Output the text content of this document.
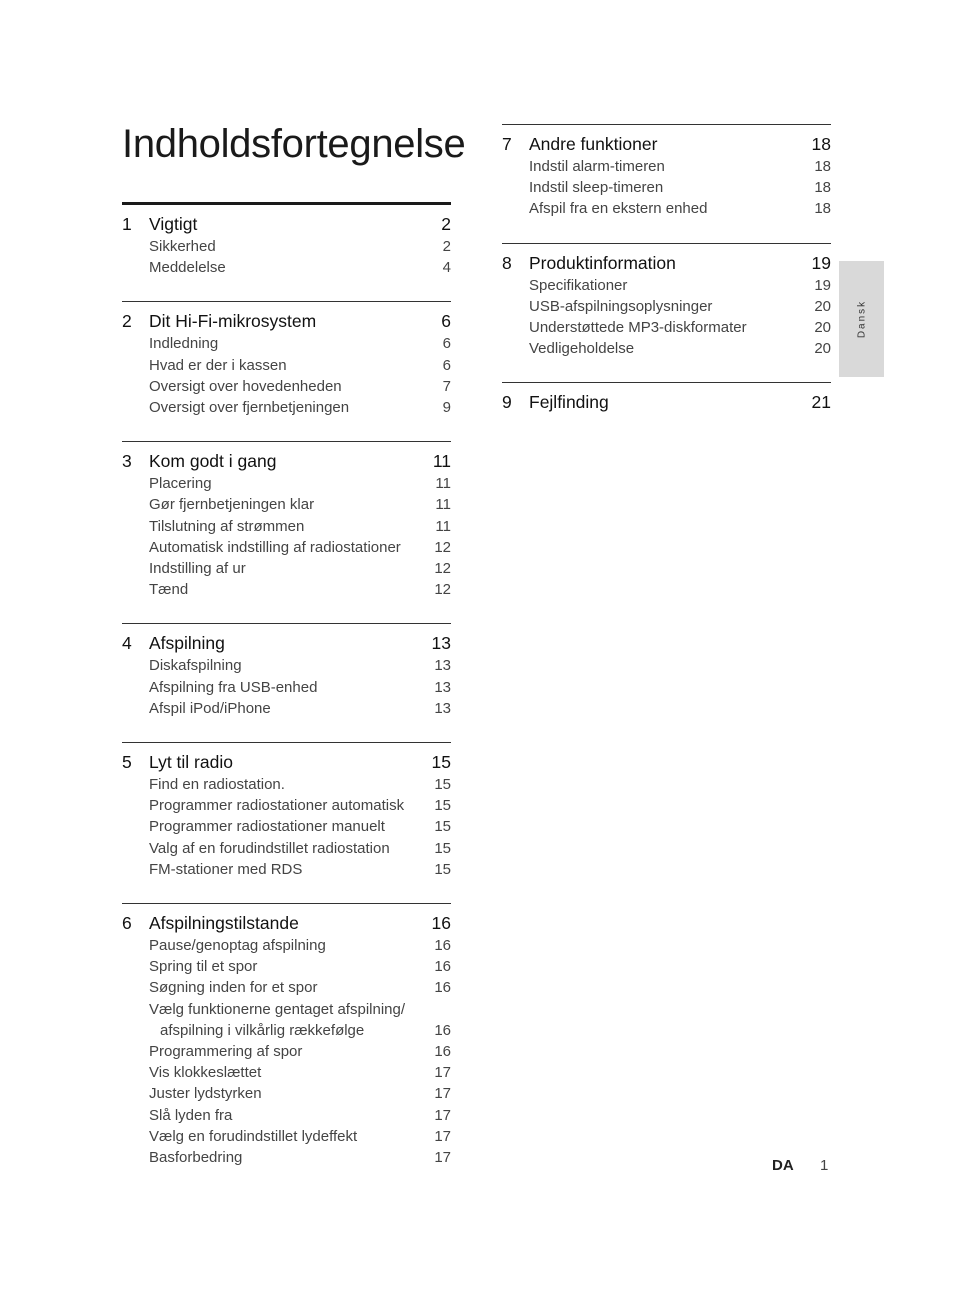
Indholdsfortegnelse
1 Vigtigt	2
Sikkerhed	2
Meddelelse	4
2 Dit Hi-Fi-mikrosystem	6
Indledning	6
Hvad er der i kassen	6
Oversigt over hovedenheden	7
Oversigt over fjernbetjeningen	9
3 Kom godt i gang	11
Placering	11
Gør fjernbetjeningen klar	11
Tilslutning af strømmen	11
Automatisk indstilling af radiostationer	12
Indstilling af ur	12
Tænd	12
4 Afspilning	13
Diskafspilning	13
Afspilning fra USB-enhed	13
Afspil iPod/iPhone	13
5 Lyt til radio	15
Find en radiostation.	15
Programmer radiostationer automatisk	15
Programmer radiostationer manuelt	15
Valg af en forudindstillet radiostation	15
FM-stationer med RDS	15
6 Afspilningstilstande	16
Pause/genoptag afspilning	16
Spring til et spor	16
Søgning inden for et spor	16
Vælg funktionerne gentaget afspilning/
afspilning i vilkårlig rækkefølge	16
Programmering af spor	16
Vis klokkeslættet	17
Juster lydstyrken	17
Slå lyden fra	17
Vælg en forudindstillet lydeffekt	17
Basforbedring	17
7 Andre funktioner	18
Indstil alarm-timeren	18
Indstil sleep-timeren	18
Afspil fra en ekstern enhed	18
8 Produktinformation	19
Specifikationer	19
USB-afspilningsoplysninger	20
Understøttede MP3-diskformater	20
Vedligeholdelse	20
9 Fejlfinding	21
Dansk
DA 1
